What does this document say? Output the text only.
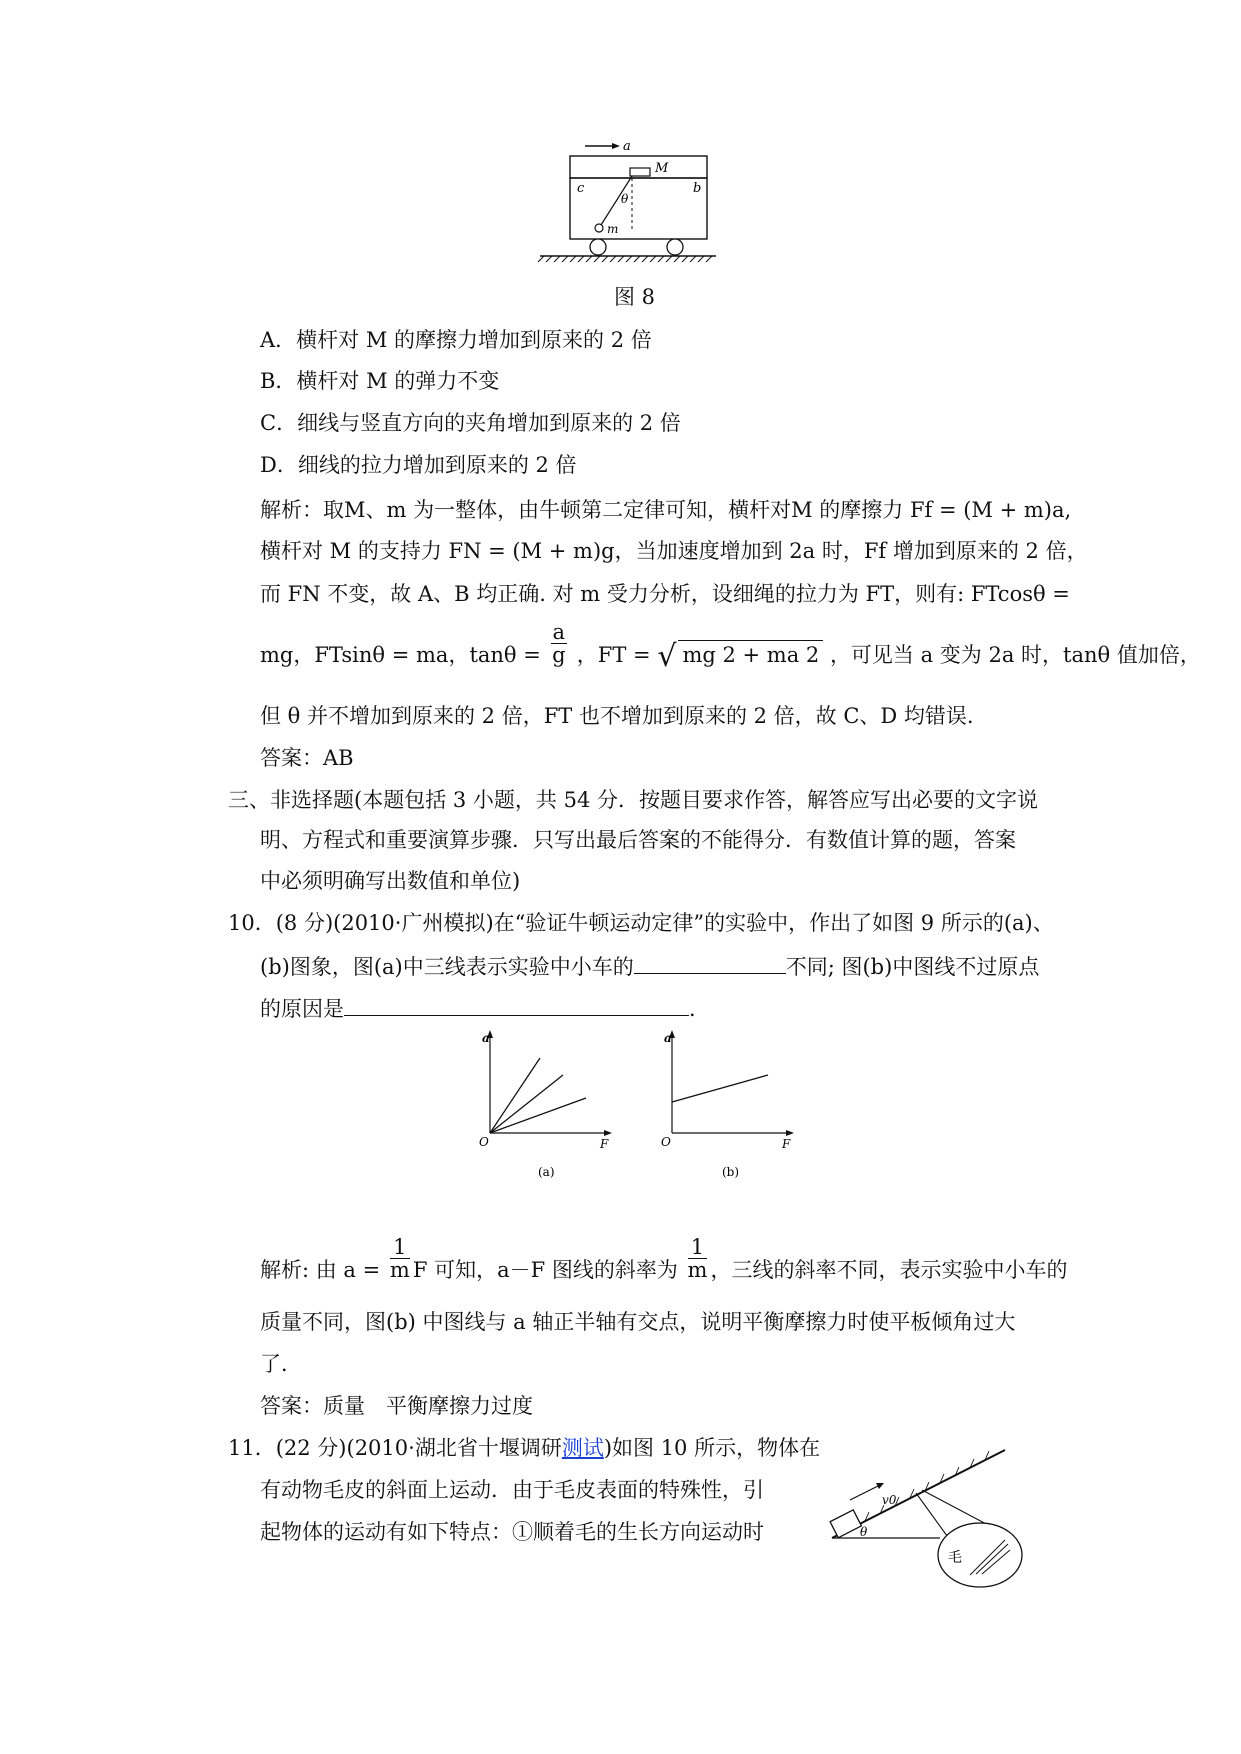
a
M
c	b
θ
m
图 8
A．横杆对 M 的摩擦力增加到原来的 2 倍
B．横杆对 M 的弹力不变
C．细线与竖直方向的夹角增加到原来的 2 倍
D．细线的拉力增加到原来的 2 倍
解析：取M、m 为一整体，由牛顿第二定律可知，横杆对M 的摩擦力 Ff = (M + m)a,
横杆对 M 的支持力 FN = (M + m)g，当加速度增加到 2a 时，Ff 增加到原来的 2 倍，
而 FN 不变，故 A、B 均正确. 对 m 受力分析，设细绳的拉力为 FT，则有: FTcosθ =
mg，FTsinθ = ma，$\tan\theta = \frac{a}{g}$ ，FT = √ mg 2 + ma 2 ，可见当 a 变为 2a 时，tanθ 值加倍，
但 θ 并不增加到原来的 2 倍，FT 也不增加到原来的 2 倍，故 C、D 均错误.
答案：AB
三、非选择题(本题包括 3 小题，共 54 分．按题目要求作答，解答应写出必要的文字说
明、方程式和重要演算步骤．只写出最后答案的不能得分．有数值计算的题，答案
中必须明确写出数值和单位)
10．(8 分)(2010·广州模拟)在“验证牛顿运动定律”的实验中，作出了如图 9 所示的(a)、
(b)图象，图(a)中三线表示实验中小车的	不同; 图(b)中图线不过原点
的原因是	．
a
O	F
(a)
a
O	F
(b)
解析: 由 $a = \frac{1}{m}$ F 可知，a－F 图线的斜率为 $\frac{1}{m}$ ，三线的斜率不同，表示实验中小车的
质量不同，图(b) 中图线与 a 轴正半轴有交点，说明平衡摩擦力时使平板倾角过大
了．
答案：质量　平衡摩擦力过度
11．(22 分)(2010·湖北省十堰调研测试)如图 10 所示，物体在
有动物毛皮的斜面上运动．由于毛皮表面的特殊性，引
起物体的运动有如下特点：①顺着毛的生长方向运动时
v0
θ
毛
